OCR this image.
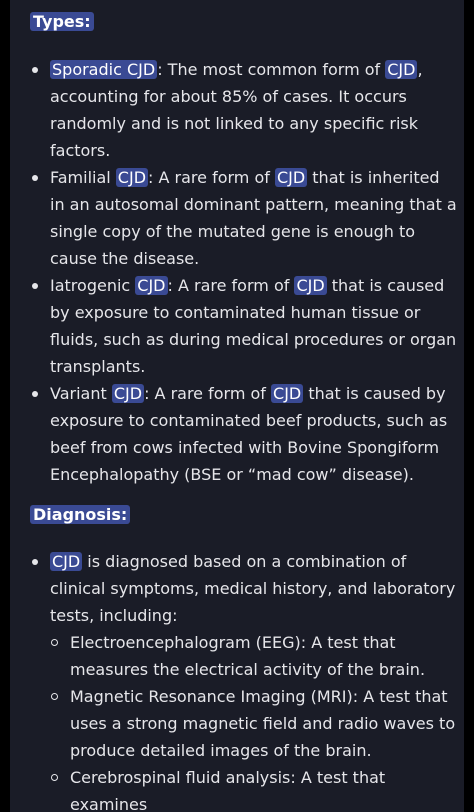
Types:
Sporadic CJD : The most common form of CJD , accounting for about 85% of cases. It occurs randomly and is not linked to any specific risk factors.
Familial CJD : A rare form of CJD that is inherited in an autosomal dominant pattern, meaning that a single copy of the mutated gene is enough to cause the disease.
Iatrogenic CJD : A rare form of CJD that is caused by exposure to contaminated human tissue or fluids, such as during medical procedures or organ transplants.
Variant CJD : A rare form of CJD that is caused by exposure to contaminated beef products, such as beef from cows infected with Bovine Spongiform Encephalopathy (BSE or “mad cow” disease).
Diagnosis:
CJD is diagnosed based on a combination of clinical symptoms, medical history, and laboratory tests, including:
Electroencephalogram (EEG): A test that measures the electrical activity of the brain.
Magnetic Resonance Imaging (MRI): A test that uses a strong magnetic field and radio waves to produce detailed images of the brain.
Cerebrospinal fluid analysis: A test that examines
